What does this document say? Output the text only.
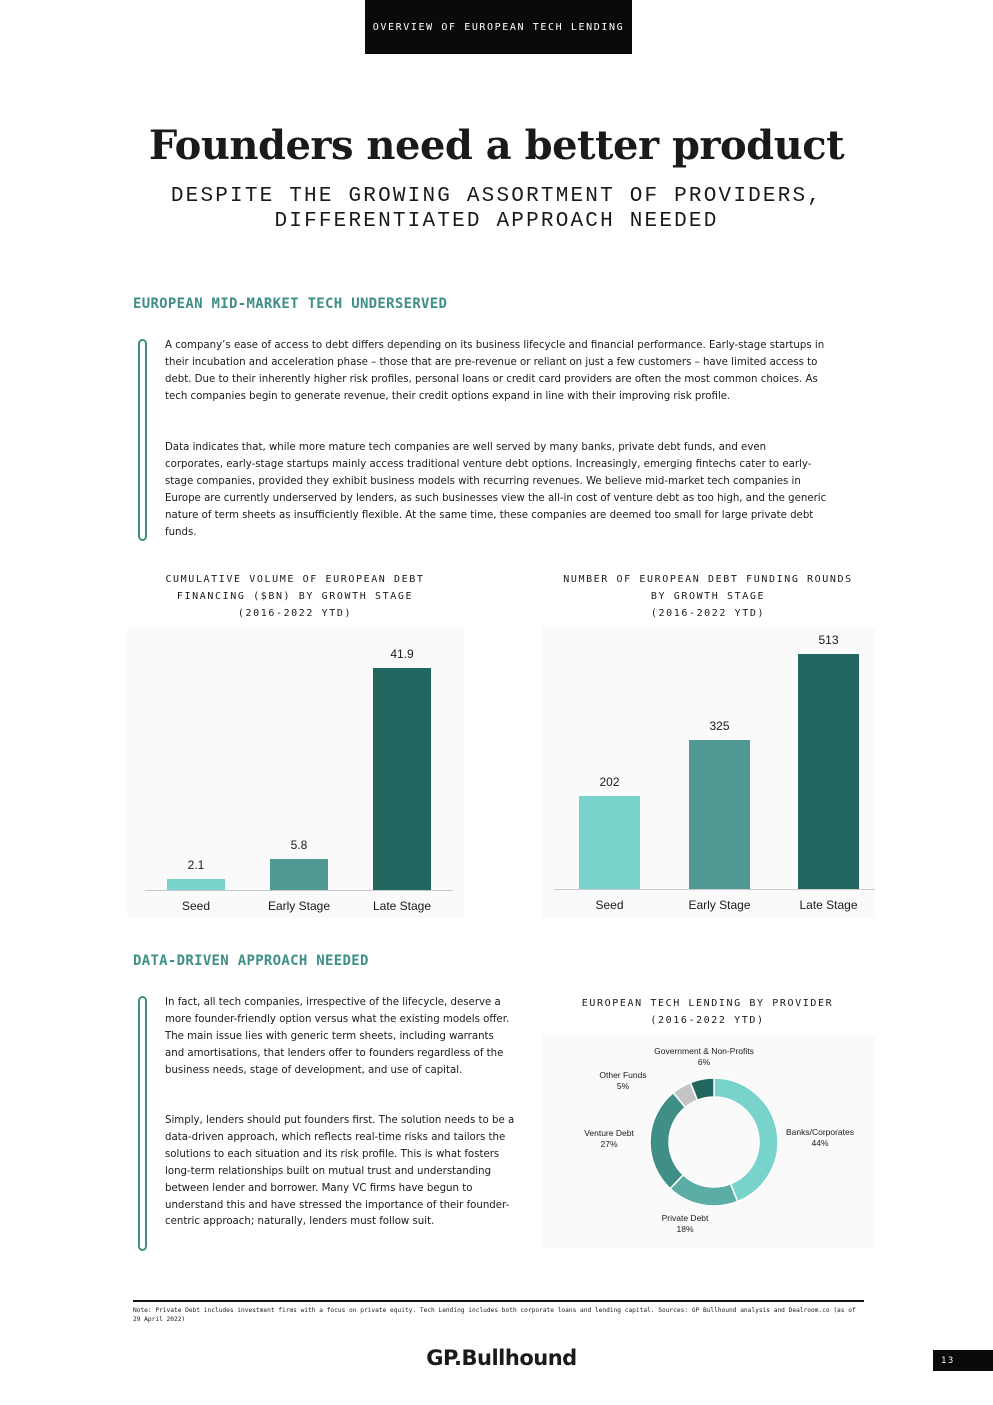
OVERVIEW OF EUROPEAN TECH LENDING
Founders need a better product
DESPITE THE GROWING ASSORTMENT OF PROVIDERS,
DIFFERENTIATED APPROACH NEEDED
EUROPEAN MID-MARKET TECH UNDERSERVED

A company’s ease of access to debt differs depending on its business lifecycle and financial performance. Early-stage startups in their incubation and acceleration phase – those that are pre-revenue or reliant on just a few customers – have limited access to debt. Due to their inherently higher risk profiles, personal loans or credit card providers are often the most common choices. As tech companies begin to generate revenue, their credit options expand in line with their improving risk profile.

Data indicates that, while more mature tech companies are well served by many banks, private debt funds, and even corporates, early-stage startups mainly access traditional venture debt options. Increasingly, emerging fintechs cater to early-stage companies, provided they exhibit business models with recurring revenues. We believe mid-market tech companies in Europe are currently underserved by lenders, as such businesses view the all-in cost of venture debt as too high, and the generic nature of term sheets as insufficiently flexible. At the same time, these companies are deemed too small for large private debt funds.

CUMULATIVE VOLUME OF EUROPEAN DEBT
FINANCING ($BN) BY GROWTH STAGE
(2016-2022 YTD)
2.1
Seed
5.8
Early Stage
41.9
Late Stage
NUMBER OF EUROPEAN DEBT FUNDING ROUNDS
BY GROWTH STAGE
(2016-2022 YTD)
202
Seed
325
Early Stage
513
Late Stage
DATA-DRIVEN APPROACH NEEDED

In fact, all tech companies, irrespective of the lifecycle, deserve a more founder-friendly option versus what the existing models offer. The main issue lies with generic term sheets, including warrants and amortisations, that lenders offer to founders regardless of the business needs, stage of development, and use of capital.

Simply, lenders should put founders first. The solution needs to be a data-driven approach, which reflects real-time risks and tailors the solutions to each situation and its risk profile. This is what fosters long-term relationships built on mutual trust and understanding between lender and borrower. Many VC firms have begun to understand this and have stressed the importance of their founder-centric approach; naturally, lenders must follow suit.

EUROPEAN TECH LENDING BY PROVIDER
(2016-2022 YTD)
Banks/Corporates
44%
Private Debt
18%
Venture Debt
27%
Other Funds
5%
Government & Non-Profits
6%
Note: Private Debt includes investment firms with a focus on private equity. Tech Lending includes both corporate loans and lending capital. Sources: GP Bullhound analysis and Dealroom.co (as of 29 April 2022)
GP.Bullhound	13
